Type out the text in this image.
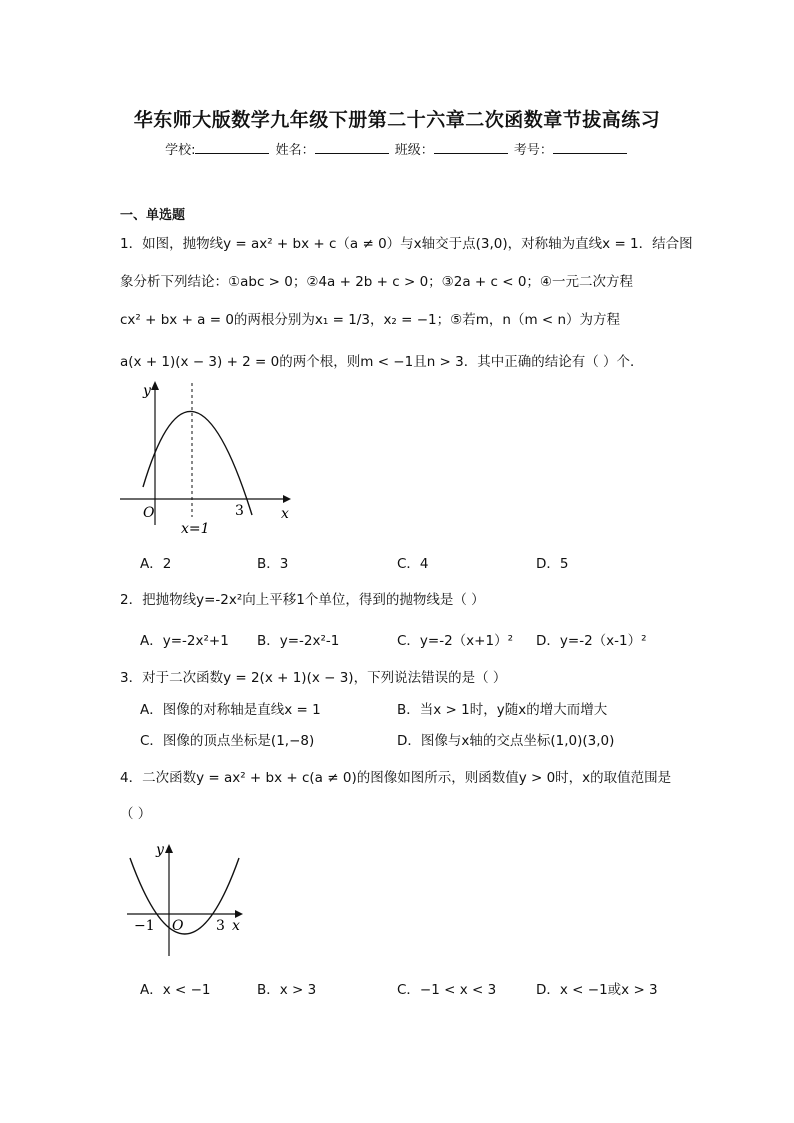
华东师大版数学九年级下册第二十六章二次函数章节拔高练习
学校:	姓名：	班级：	考号：
一、单选题
1．如图，抛物线y = ax² + bx + c（a ≠ 0）与x轴交于点(3,0)，对称轴为直线x = 1．结合图
象分析下列结论：①abc > 0；②4a + 2b + c > 0；③2a + c < 0；④一元二次方程
cx² + bx + a = 0的两根分别为x₁ = 1/3，x₂ = −1；⑤若m，n（m < n）为方程
a(x + 1)(x − 3) + 2 = 0的两个根，则m < −1且n > 3．其中正确的结论有（ ）个．
y
x
O	3
x=1
A．2	B．3	C．4	D．5
2．把抛物线y=-2x²向上平移1个单位，得到的抛物线是（ ）
A．y=-2x²+1 B．y=-2x²-1	C．y=-2（x+1）² D．y=-2（x-1）²
3．对于二次函数y = 2(x + 1)(x − 3)，下列说法错误的是（ ）
A．图像的对称轴是直线x = 1	B．当x > 1时，y随x的增大而增大
C．图像的顶点坐标是(1,−8)	D．图像与x轴的交点坐标(1,0)(3,0)
4．二次函数y = ax² + bx + c(a ≠ 0)的图像如图所示，则函数值y > 0时，x的取值范围是
（ ）
y
x
O
−1	3
A．x < −1	B．x > 3	C．−1 < x < 3	D．x < −1或x > 3
